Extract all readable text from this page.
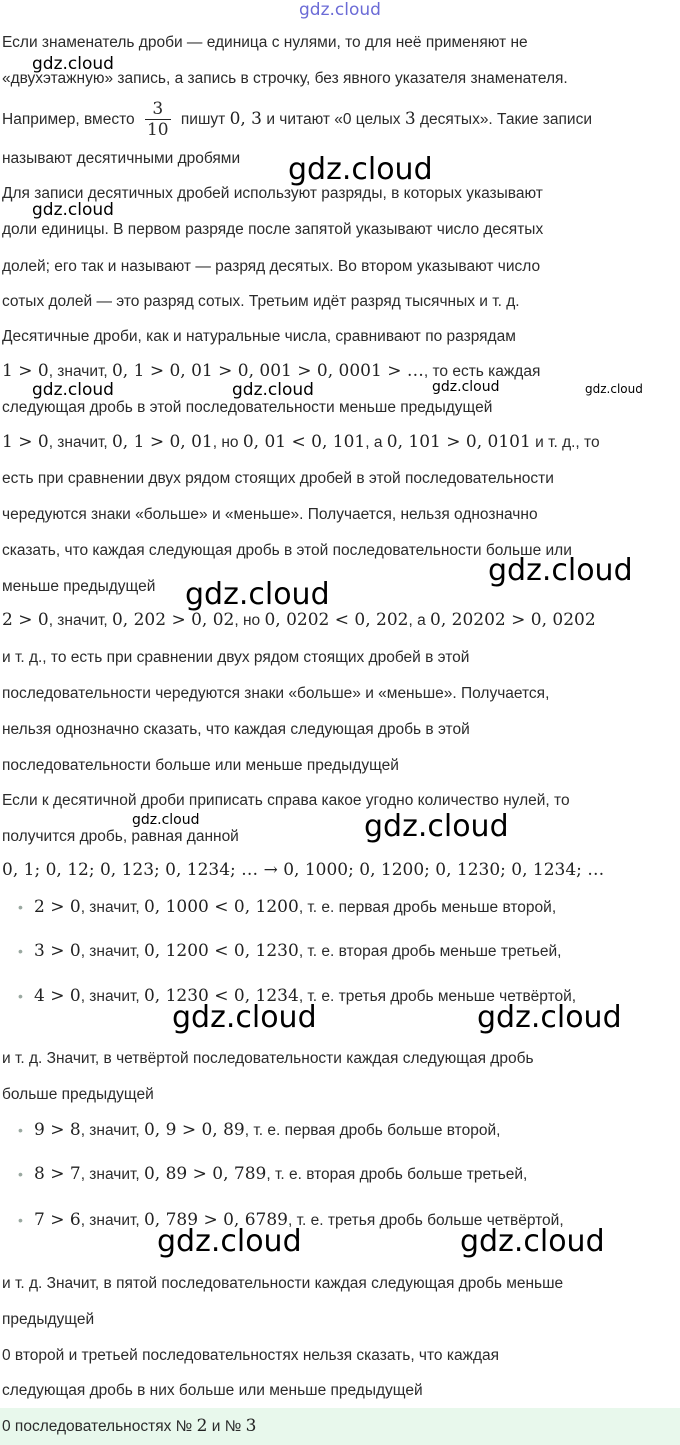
gdz.cloud
Если знаменатель дроби — единица с нулями, то для неё применяют не
«двухэтажную» запись, а запись в строчку, без явного указателя знаменателя.
Например, вместо $\frac{3}{10}$ пишут 0, 3 и читают «0 целых 3 десятых». Такие записи
называют десятичными дробями
Для записи десятичных дробей используют разряды, в которых указывают
доли единицы. В первом разряде после запятой указывают число десятых
долей; его так и называют — разряд десятых. Во втором указывают число
сотых долей — это разряд сотых. Третьим идёт разряд тысячных и т. д.
Десятичные дроби, как и натуральные числа, сравнивают по разрядам
1 > 0, значит, 0, 1 > 0, 01 > 0, 001 > 0, 0001 > …, то есть каждая
следующая дробь в этой последовательности меньше предыдущей
1 > 0, значит, 0, 1 > 0, 01, но 0, 01 < 0, 101, а 0, 101 > 0, 0101 и т. д., то
есть при сравнении двух рядом стоящих дробей в этой последовательности
чередуются знаки «больше» и «меньше». Получается, нельзя однозначно
сказать, что каждая следующая дробь в этой последовательности больше или
меньше предыдущей
2 > 0, значит, 0, 202 > 0, 02, но 0, 0202 < 0, 202, а 0, 20202 > 0, 0202
и т. д., то есть при сравнении двух рядом стоящих дробей в этой
последовательности чередуются знаки «больше» и «меньше». Получается,
нельзя однозначно сказать, что каждая следующая дробь в этой
последовательности больше или меньше предыдущей
Если к десятичной дроби приписать справа какое угодно количество нулей, то
получится дробь, равная данной
0, 1; 0, 12; 0, 123; 0, 1234; … → 0, 1000; 0, 1200; 0, 1230; 0, 1234; …
• 2 > 0, значит, 0, 1000 < 0, 1200, т. е. первая дробь меньше второй,
• 3 > 0, значит, 0, 1200 < 0, 1230, т. е. вторая дробь меньше третьей,
• 4 > 0, значит, 0, 1230 < 0, 1234, т. е. третья дробь меньше четвёртой,
и т. д. Значит, в четвёртой последовательности каждая следующая дробь
больше предыдущей
• 9 > 8, значит, 0, 9 > 0, 89, т. е. первая дробь больше второй,
• 8 > 7, значит, 0, 89 > 0, 789, т. е. вторая дробь больше третьей,
• 7 > 6, значит, 0, 789 > 0, 6789, т. е. третья дробь больше четвёртой,
и т. д. Значит, в пятой последовательности каждая следующая дробь меньше
предыдущей
0 второй и третьей последовательностях нельзя сказать, что каждая
следующая дробь в них больше или меньше предыдущей
0 последовательностях № 2 и № 3
gdz.cloud
gdz.cloud
gdz.cloud
gdz.cloud	gdz.cloud	gdz.cloud	gdz.cloud
gdz.cloud
gdz.cloud
gdz.cloud	gdz.cloud
gdz.cloud	gdz.cloud
gdz.cloud	gdz.cloud
